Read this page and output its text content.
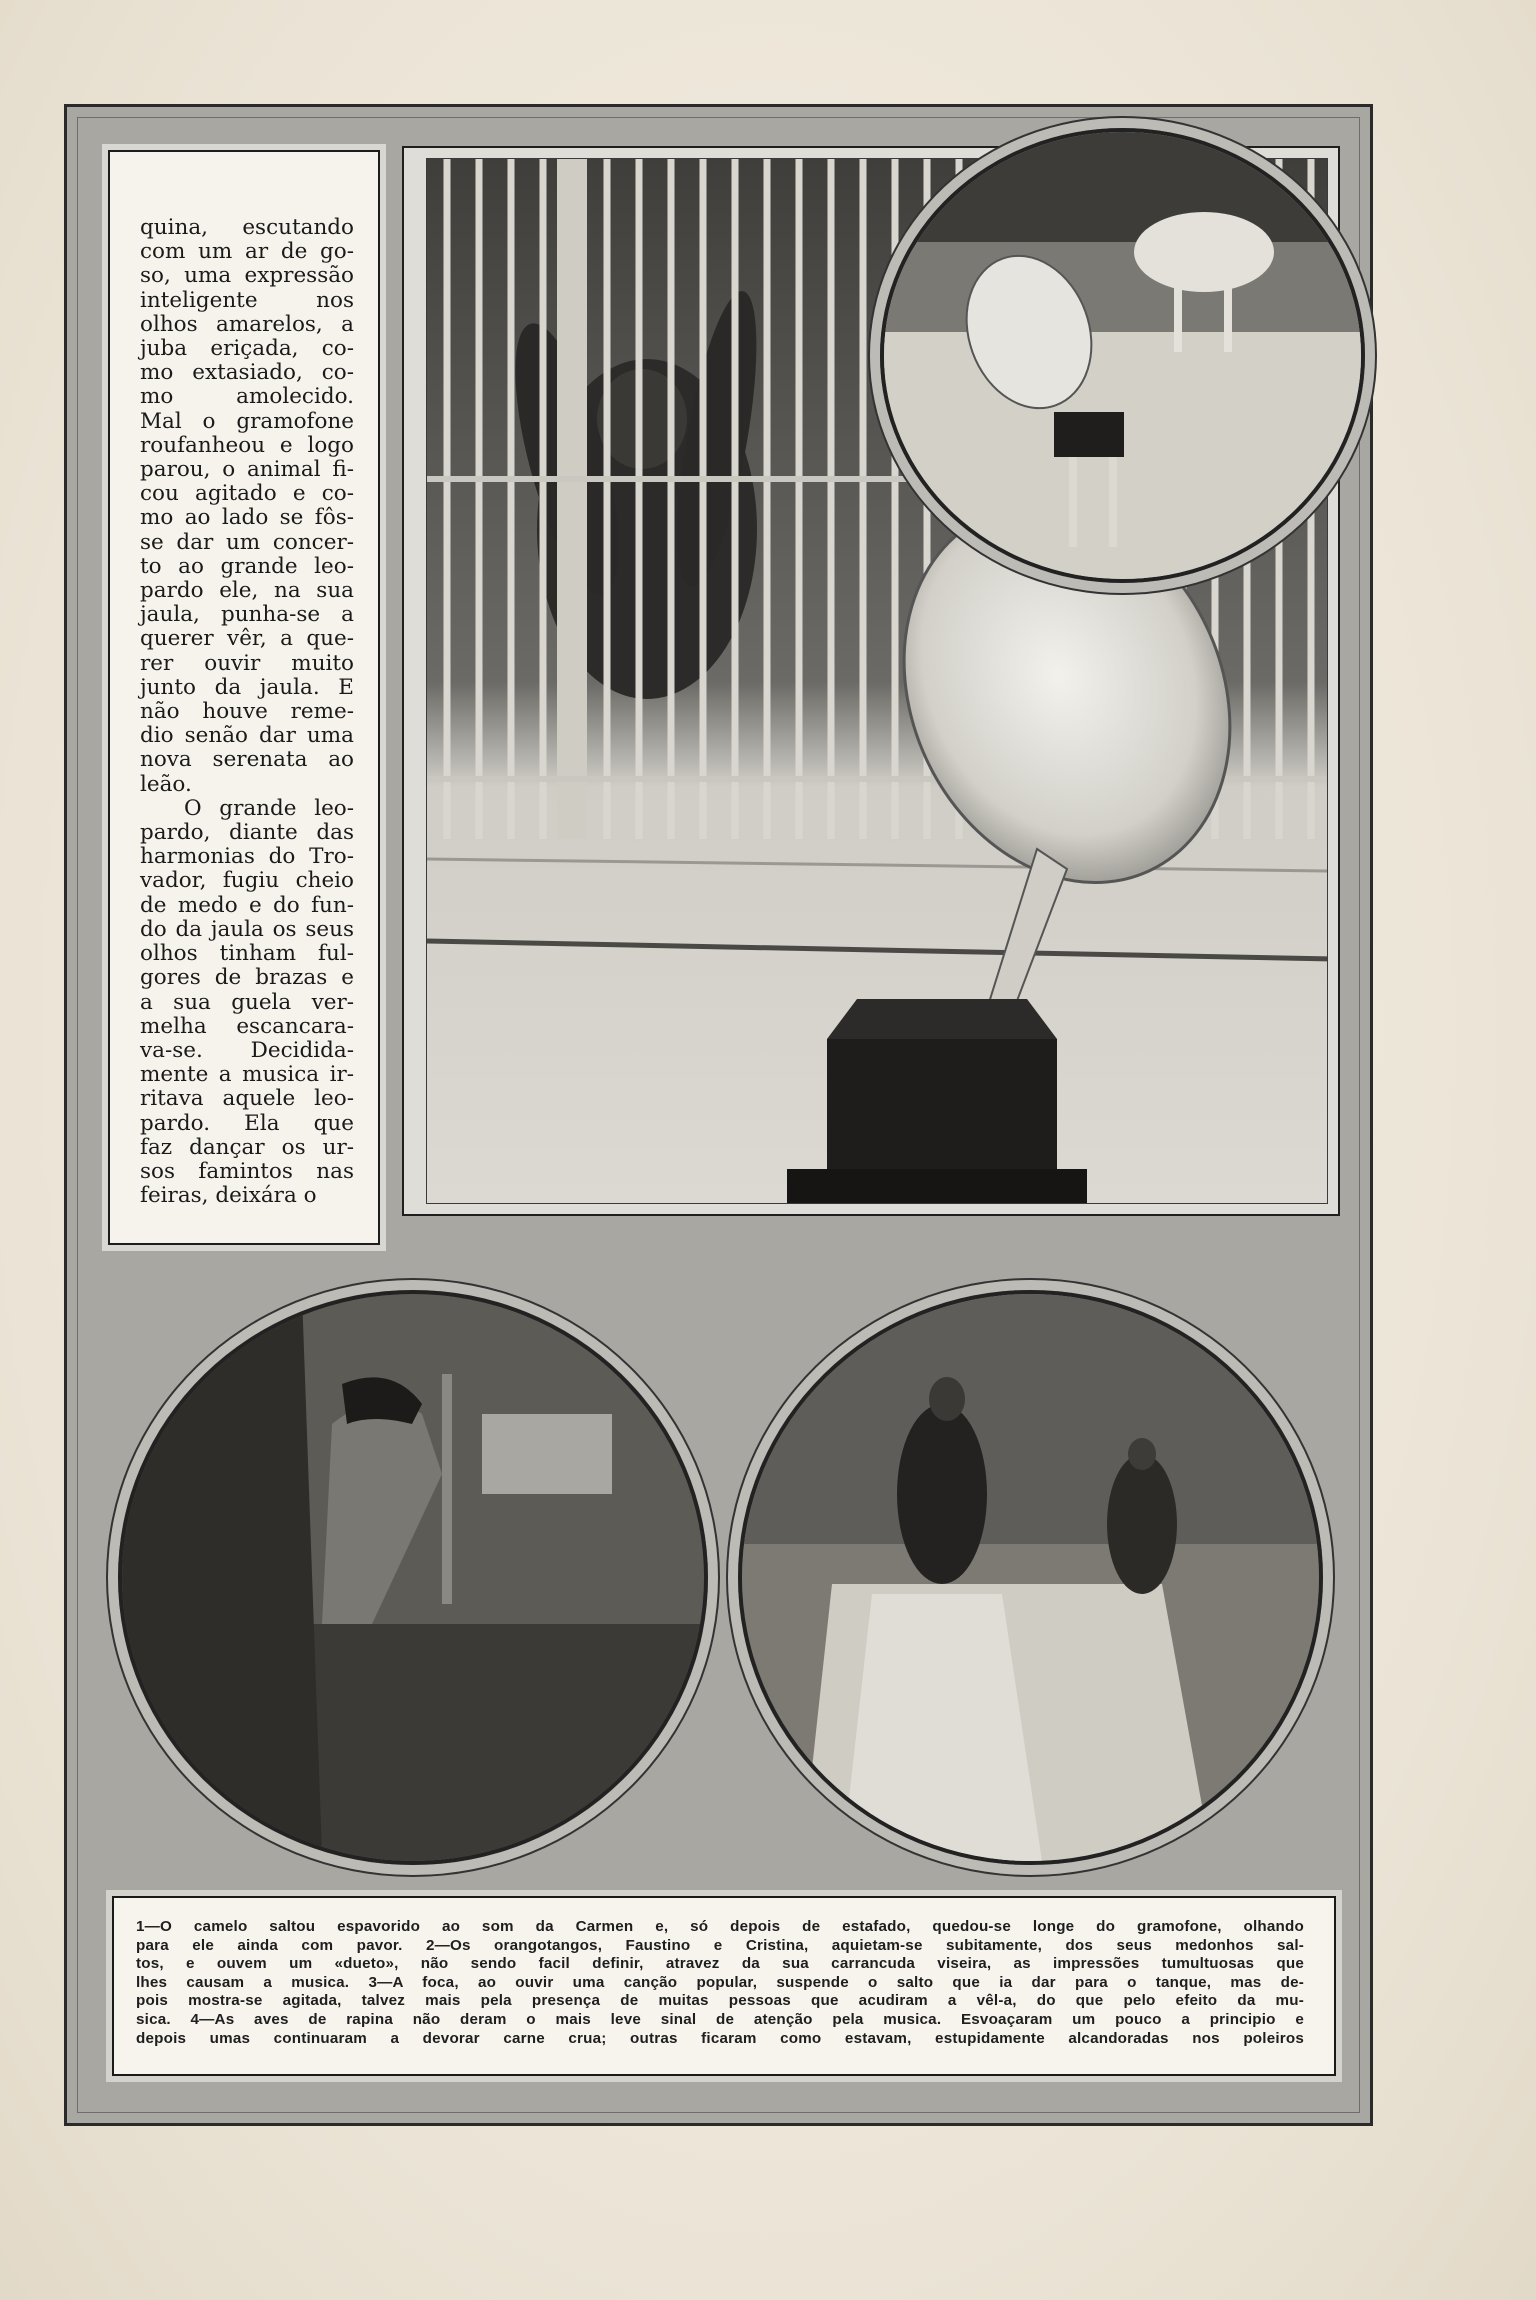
quina, escutando
com um ar de go-
so, uma expressão
inteligente nos
olhos amarelos, a
juba eriçada, co-
mo extasiado, co-
mo amolecido.
Mal o gramofone
roufanheou e logo
parou, o animal fi-
cou agitado e co-
mo ao lado se fôs-
se dar um concer-
to ao grande leo-
pardo ele, na sua
jaula, punha-se a
querer vêr, a que-
rer ouvir muito
junto da jaula. E
não houve reme-
dio senão dar uma
nova serenata ao
leão.
O grande leo-
pardo, diante das
harmonias do Tro-
vador, fugiu cheio
de medo e do fun-
do da jaula os seus
olhos tinham ful-
gores de brazas e
a sua guela ver-
melha escancara-
va-se. Decidida-
mente a musica ir-
ritava aquele leo-
pardo. Ela que
faz dançar os ur-
sos famintos nas
feiras, deixára o

1—O camelo saltou espavorido ao som da Carmen e, só depois de estafado, quedou-se longe do gramofone, olhando
para ele ainda com pavor. 2—Os orangotangos, Faustino e Cristina, aquietam-se subitamente, dos seus medonhos sal-
tos, e ouvem um «dueto», não sendo facil definir, atravez da sua carrancuda viseira, as impressões tumultuosas que
lhes causam a musica. 3—A foca, ao ouvir uma canção popular, suspende o salto que ia dar para o tanque, mas de-
pois mostra-se agitada, talvez mais pela presença de muitas pessoas que acudiram a vêl-a, do que pelo efeito da mu-
sica. 4—As aves de rapina não deram o mais leve sinal de atenção pela musica. Esvoaçaram um pouco a principio e
depois umas continuaram a devorar carne crua; outras ficaram como estavam, estupidamente alcandoradas nos poleiros
